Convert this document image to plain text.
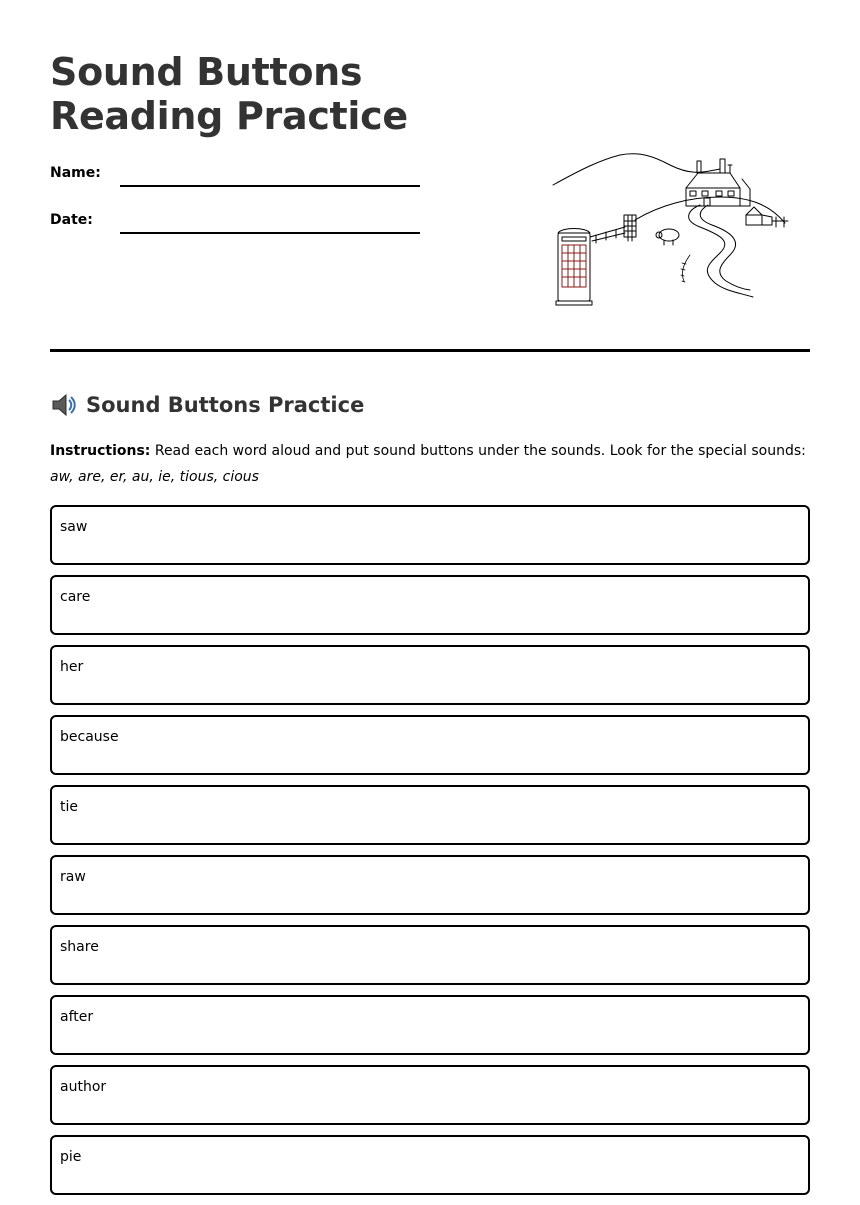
Sound Buttons Reading Practice
Name:
Date:
Sound Buttons Practice
Instructions: Read each word aloud and put sound buttons under the sounds. Look for the special sounds:
aw, are, er, au, ie, tious, cious
saw
care
her
because
tie
raw
share
after
author
pie
